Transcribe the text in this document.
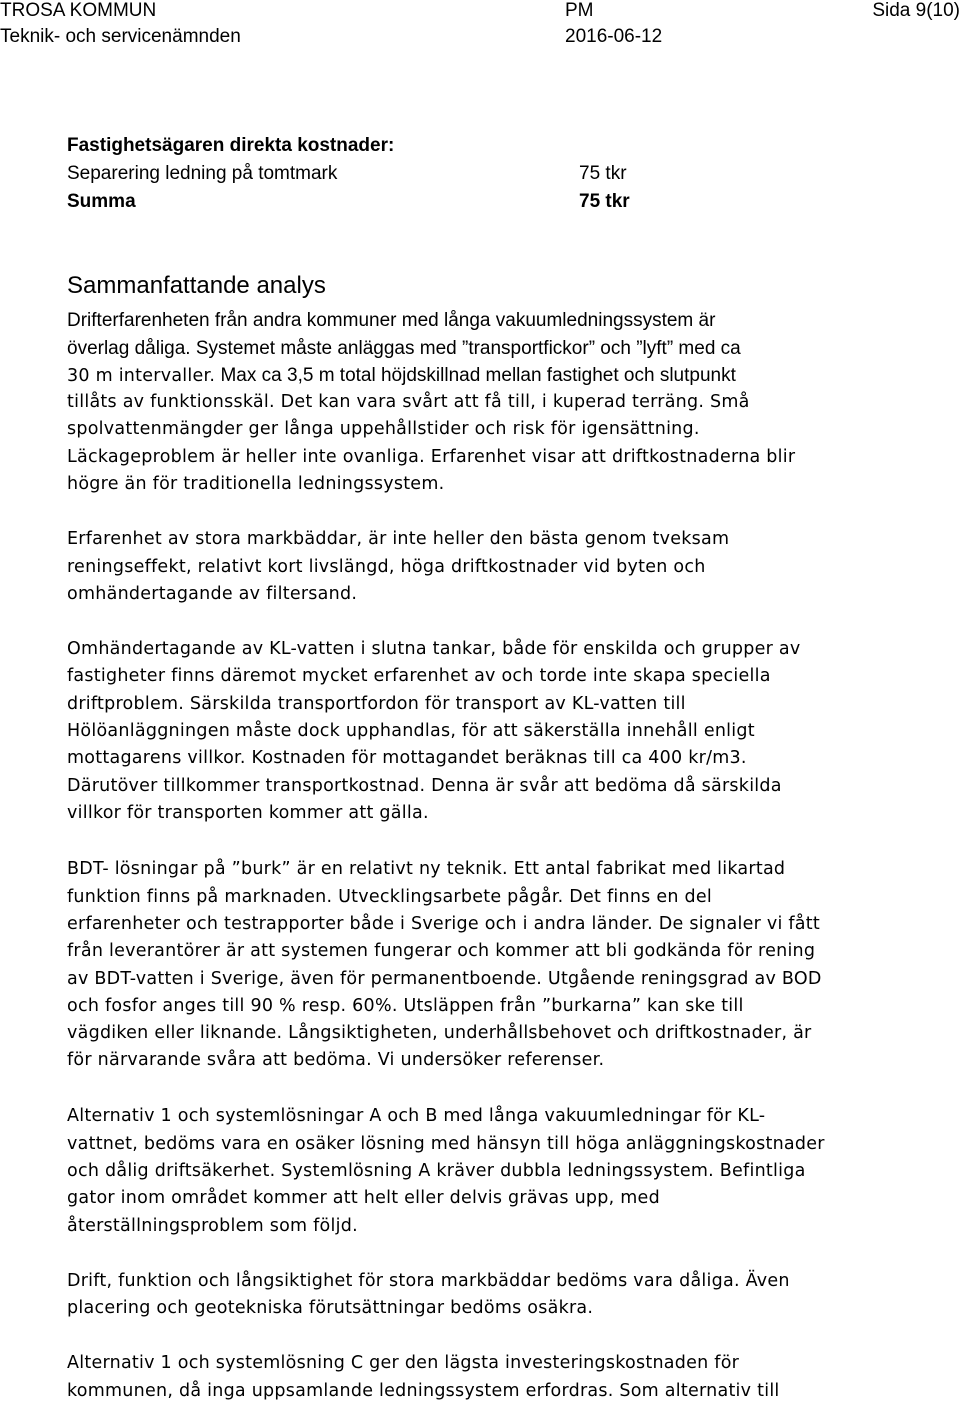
TROSA KOMMUN
Teknik- och servicenämnden
PM
2016-06-12
Sida 9(10)
Fastighetsägaren direkta kostnader:
Separering ledning på tomtmark	75 tkr
Summa	75 tkr
Sammanfattande analys
Drifterfarenheten från andra kommuner med långa vakuumledningssystem är
överlag dåliga. Systemet måste anläggas med ”transportfickor” och ”lyft” med ca
30 m intervaller. Max ca 3,5 m total höjdskillnad mellan fastighet och slutpunkt
tillåts av funktionsskäl. Det kan vara svårt att få till, i kuperad terräng. Små
spolvattenmängder ger långa uppehållstider och risk för igensättning.
Läckageproblem är heller inte ovanliga. Erfarenhet visar att driftkostnaderna blir
högre än för traditionella ledningssystem.
Erfarenhet av stora markbäddar, är inte heller den bästa genom tveksam
reningseffekt, relativt kort livslängd, höga driftkostnader vid byten och
omhändertagande av filtersand.
Omhändertagande av KL-vatten i slutna tankar, både för enskilda och grupper av
fastigheter finns däremot mycket erfarenhet av och torde inte skapa speciella
driftproblem. Särskilda transportfordon för transport av KL-vatten till
Hölöanläggningen måste dock upphandlas, för att säkerställa innehåll enligt
mottagarens villkor. Kostnaden för mottagandet beräknas till ca 400 kr/m3.
Därutöver tillkommer transportkostnad. Denna är svår att bedöma då särskilda
villkor för transporten kommer att gälla.
BDT- lösningar på ”burk” är en relativt ny teknik. Ett antal fabrikat med likartad
funktion finns på marknaden. Utvecklingsarbete pågår. Det finns en del
erfarenheter och testrapporter både i Sverige och i andra länder. De signaler vi fått
från leverantörer är att systemen fungerar och kommer att bli godkända för rening
av BDT-vatten i Sverige, även för permanentboende. Utgående reningsgrad av BOD
och fosfor anges till 90 % resp. 60%. Utsläppen från ”burkarna” kan ske till
vägdiken eller liknande. Långsiktigheten, underhållsbehovet och driftkostnader, är
för närvarande svåra att bedöma. Vi undersöker referenser.
Alternativ 1 och systemlösningar A och B med långa vakuumledningar för KL-
vattnet, bedöms vara en osäker lösning med hänsyn till höga anläggningskostnader
och dålig driftsäkerhet. Systemlösning A kräver dubbla ledningssystem. Befintliga
gator inom området kommer att helt eller delvis grävas upp, med
återställningsproblem som följd.
Drift, funktion och långsiktighet för stora markbäddar bedöms vara dåliga. Även
placering och geotekniska förutsättningar bedöms osäkra.
Alternativ 1 och systemlösning C ger den lägsta investeringskostnaden för
kommunen, då inga uppsamlande ledningssystem erfordras. Som alternativ till
